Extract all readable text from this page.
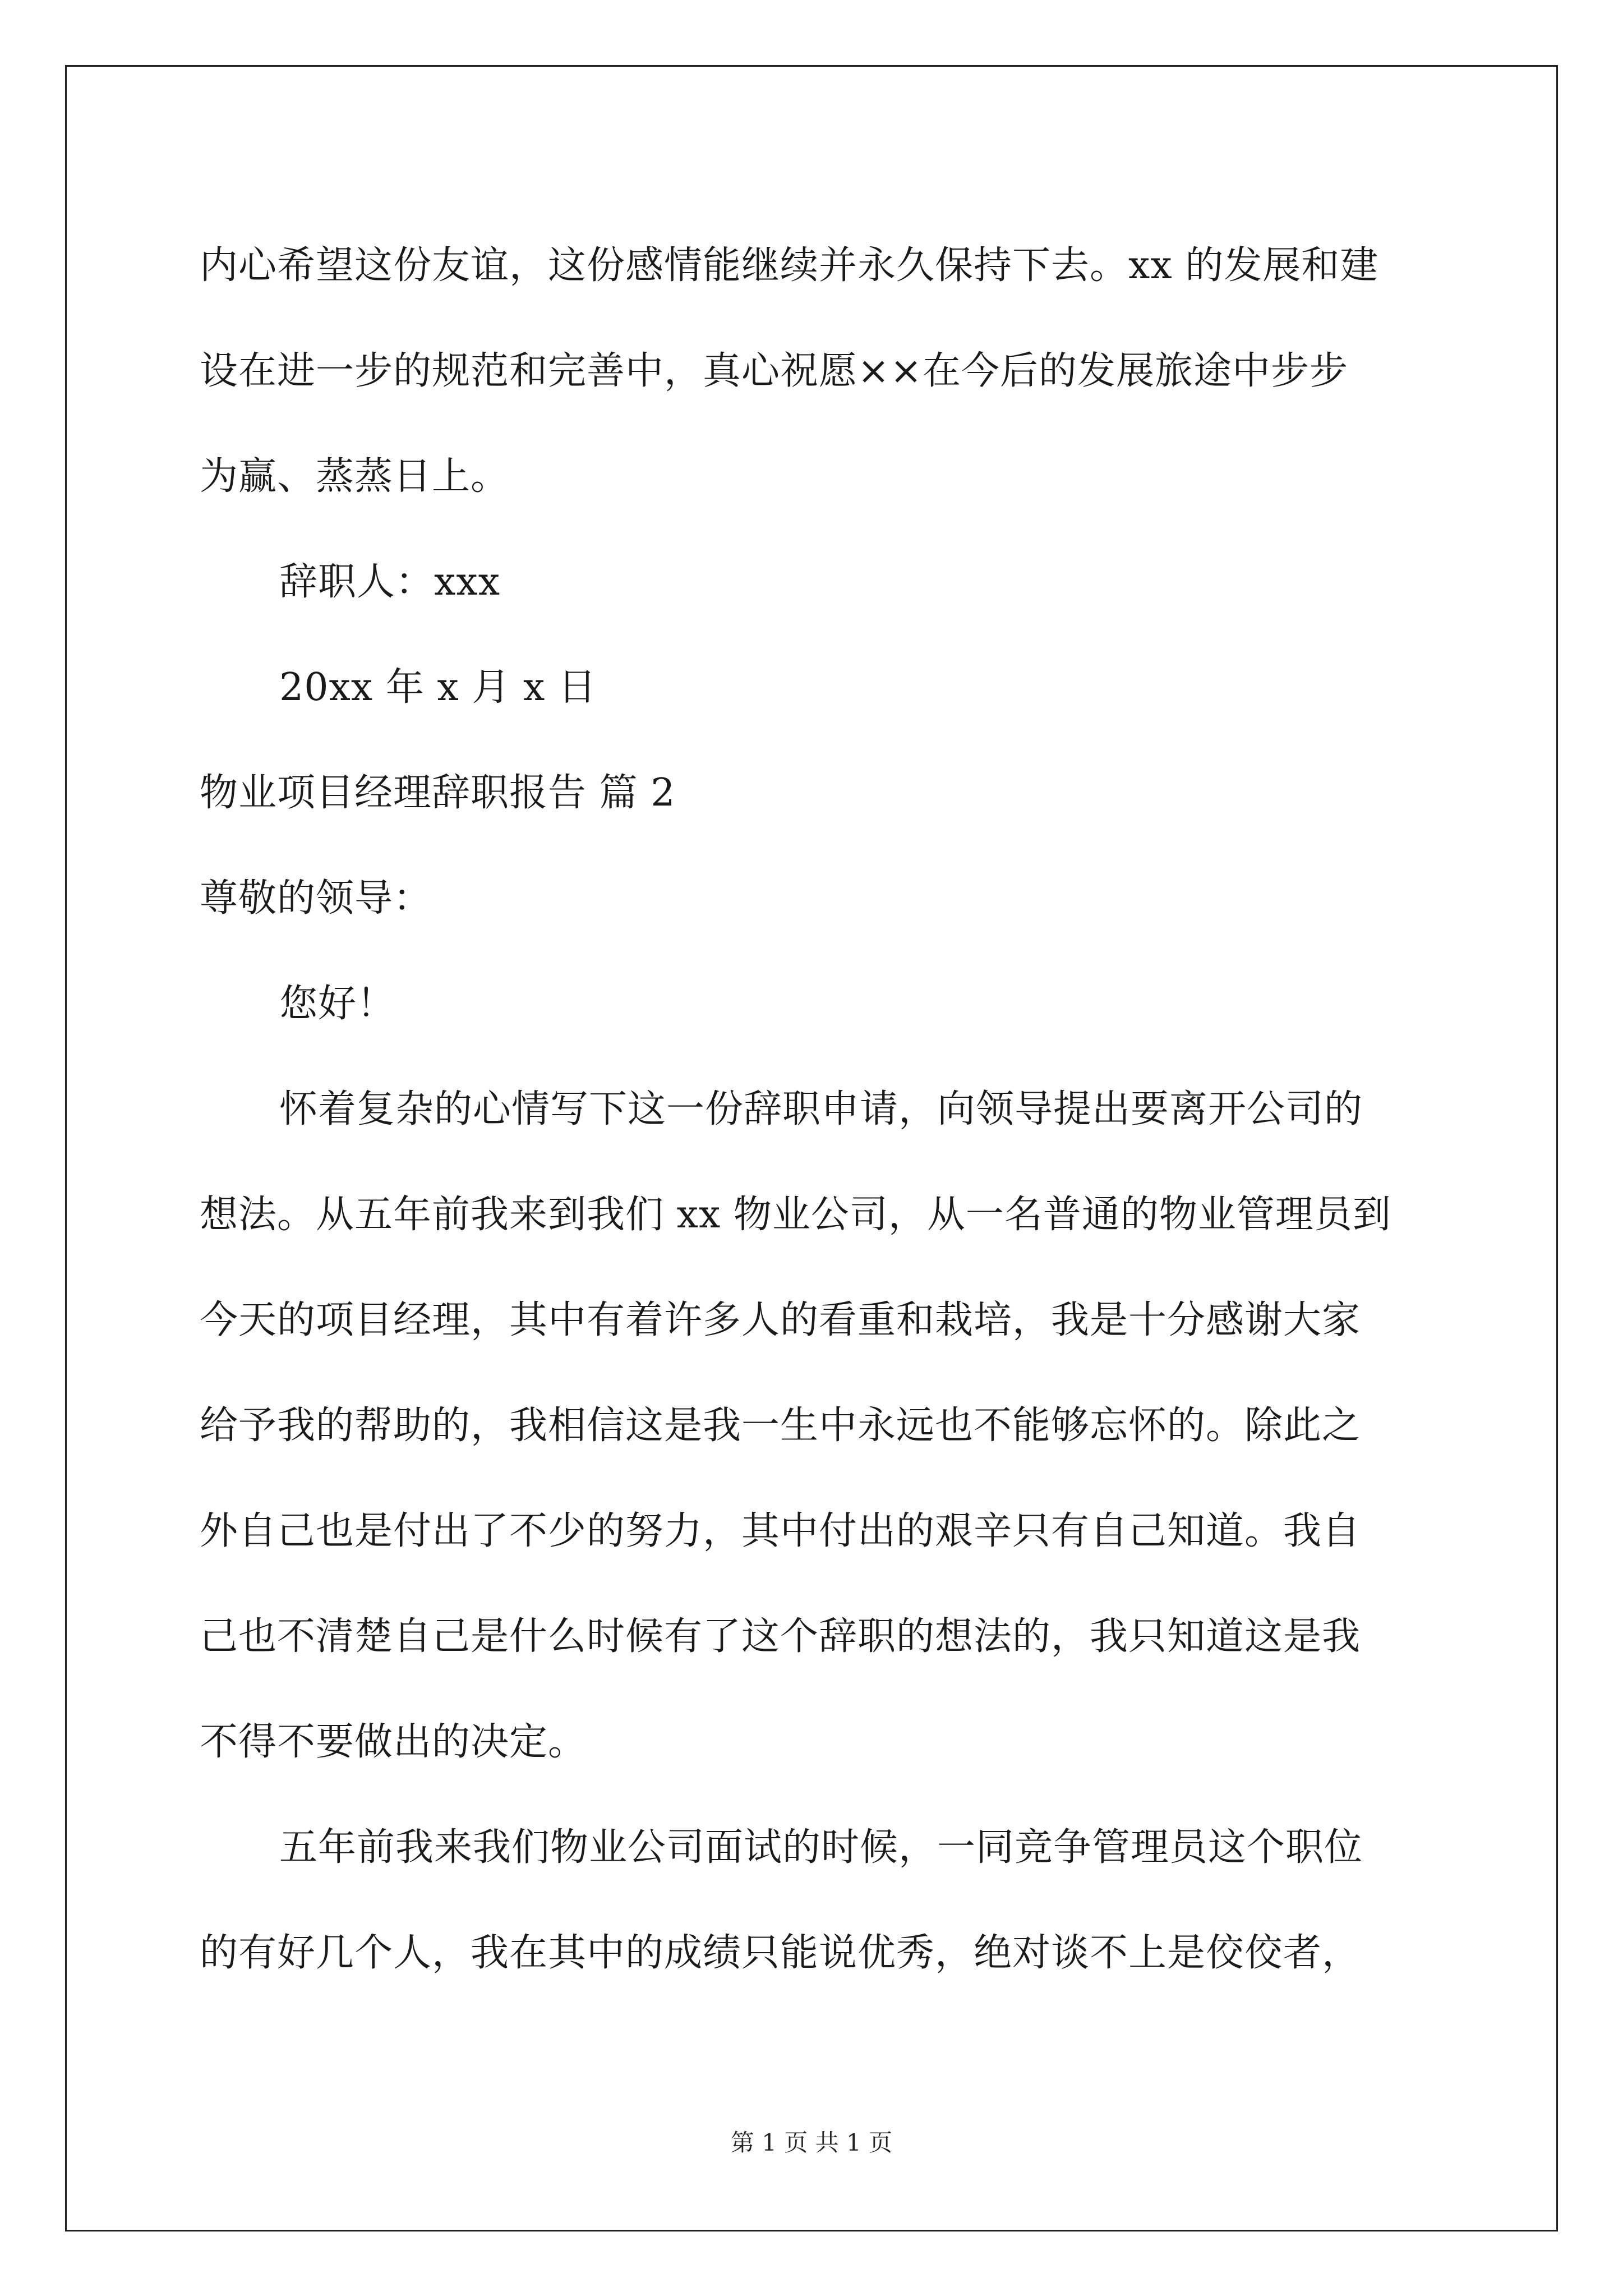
内心希望这份友谊，这份感情能继续并永久保持下去。xx 的发展和建
设在进一步的规范和完善中，真心祝愿××在今后的发展旅途中步步
为赢、蒸蒸日上。
辞职人：xxx
20xx 年 x 月 x 日
物业项目经理辞职报告 篇 2
尊敬的领导：
您好！
怀着复杂的心情写下这一份辞职申请，向领导提出要离开公司的
想法。从五年前我来到我们 xx 物业公司，从一名普通的物业管理员到
今天的项目经理，其中有着许多人的看重和栽培，我是十分感谢大家
给予我的帮助的，我相信这是我一生中永远也不能够忘怀的。除此之
外自己也是付出了不少的努力，其中付出的艰辛只有自己知道。我自
己也不清楚自己是什么时候有了这个辞职的想法的，我只知道这是我
不得不要做出的决定。
五年前我来我们物业公司面试的时候，一同竞争管理员这个职位
的有好几个人，我在其中的成绩只能说优秀，绝对谈不上是佼佼者，
第 1 页 共 1 页
